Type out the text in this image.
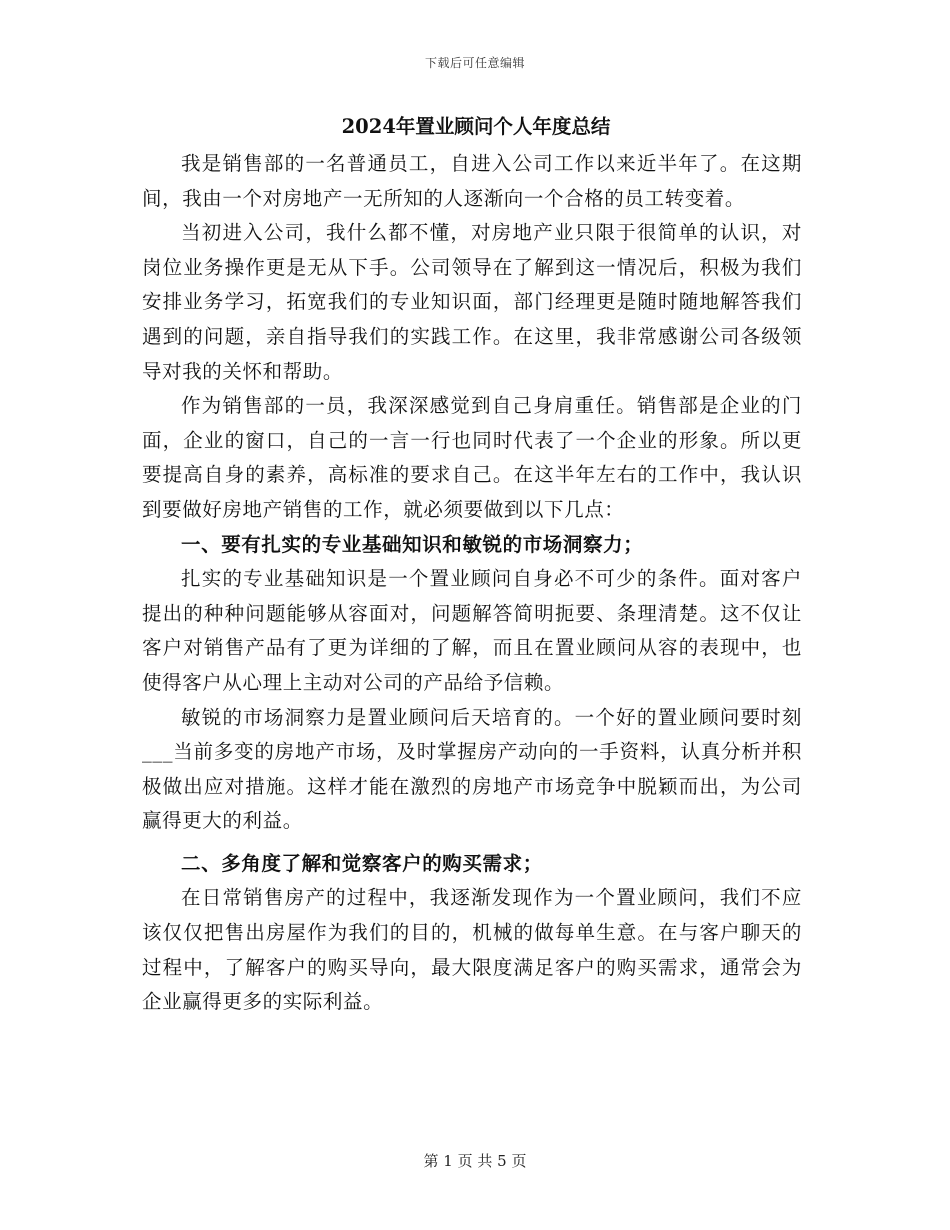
下载后可任意编辑
2024年置业顾问个人年度总结

我是销售部的一名普通员工，自进入公司工作以来近半年了。在这期间，我由一个对房地产一无所知的人逐渐向一个合格的员工转变着。

当初进入公司，我什么都不懂，对房地产业只限于很简单的认识，对岗位业务操作更是无从下手。公司领导在了解到这一情况后，积极为我们安排业务学习，拓宽我们的专业知识面，部门经理更是随时随地解答我们遇到的问题，亲自指导我们的实践工作。在这里，我非常感谢公司各级领导对我的关怀和帮助。

作为销售部的一员，我深深感觉到自己身肩重任。销售部是企业的门面，企业的窗口，自己的一言一行也同时代表了一个企业的形象。所以更要提高自身的素养，高标准的要求自己。在这半年左右的工作中，我认识到要做好房地产销售的工作，就必须要做到以下几点：

一、要有扎实的专业基础知识和敏锐的市场洞察力；

扎实的专业基础知识是一个置业顾问自身必不可少的条件。面对客户提出的种种问题能够从容面对，问题解答简明扼要、条理清楚。这不仅让客户对销售产品有了更为详细的了解，而且在置业顾问从容的表现中，也使得客户从心理上主动对公司的产品给予信赖。

敏锐的市场洞察力是置业顾问后天培育的。一个好的置业顾问要时刻___当前多变的房地产市场，及时掌握房产动向的一手资料，认真分析并积极做出应对措施。这样才能在激烈的房地产市场竞争中脱颖而出，为公司赢得更大的利益。

二、多角度了解和觉察客户的购买需求；

在日常销售房产的过程中，我逐渐发现作为一个置业顾问，我们不应该仅仅把售出房屋作为我们的目的，机械的做每单生意。在与客户聊天的过程中，了解客户的购买导向，最大限度满足客户的购买需求，通常会为企业赢得更多的实际利益。

第 1 页 共 5 页
